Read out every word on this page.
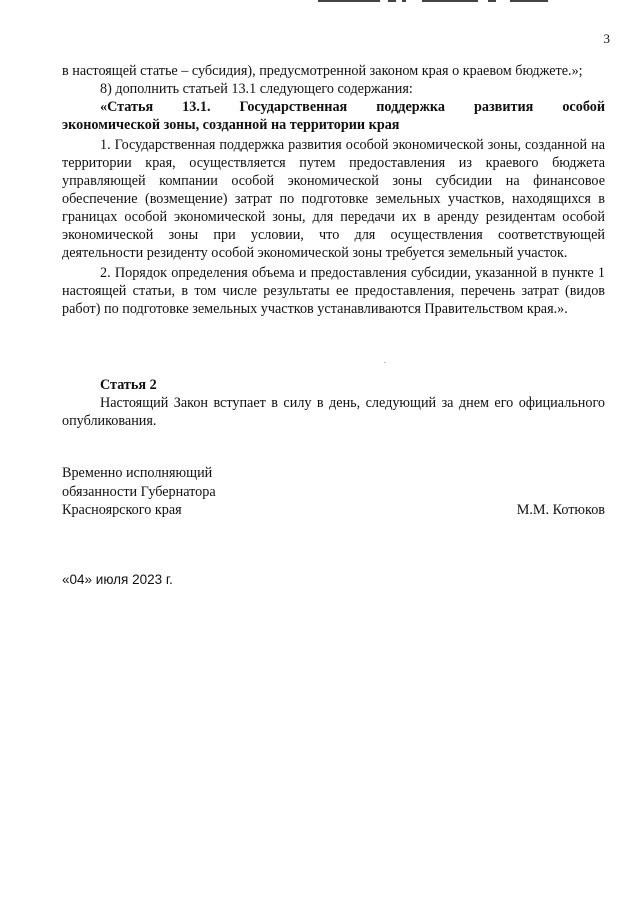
3

в настоящей статье – субсидия), предусмотренной законом края о краевом бюджете.»;

8) дополнить статьей 13.1 следующего содержания:

«Статья 13.1. Государственная поддержка развития особой

экономической зоны, созданной на территории края

1. Государственная поддержка развития особой экономической зоны, созданной на территории края, осуществляется путем предоставления из краевого бюджета управляющей компании особой экономической зоны субсидии на финансовое обеспечение (возмещение) затрат по подготовке земельных участков, находящихся в границах особой экономической зоны, для передачи их в аренду резидентам особой экономической зоны при условии, что для осуществления соответствующей деятельности резиденту особой экономической зоны требуется земельный участок.

2. Порядок определения объема и предоставления субсидии, указанной в пункте 1 настоящей статьи, в том числе результаты ее предоставления, перечень затрат (видов работ) по подготовке земельных участков устанавливаются Правительством края.».

Статья 2

Настоящий Закон вступает в силу в день, следующий за днем его официального опубликования.

Временно исполняющий
обязанности Губернатора
Красноярского края	М.М. Котюков
«04» июля 2023 г.
